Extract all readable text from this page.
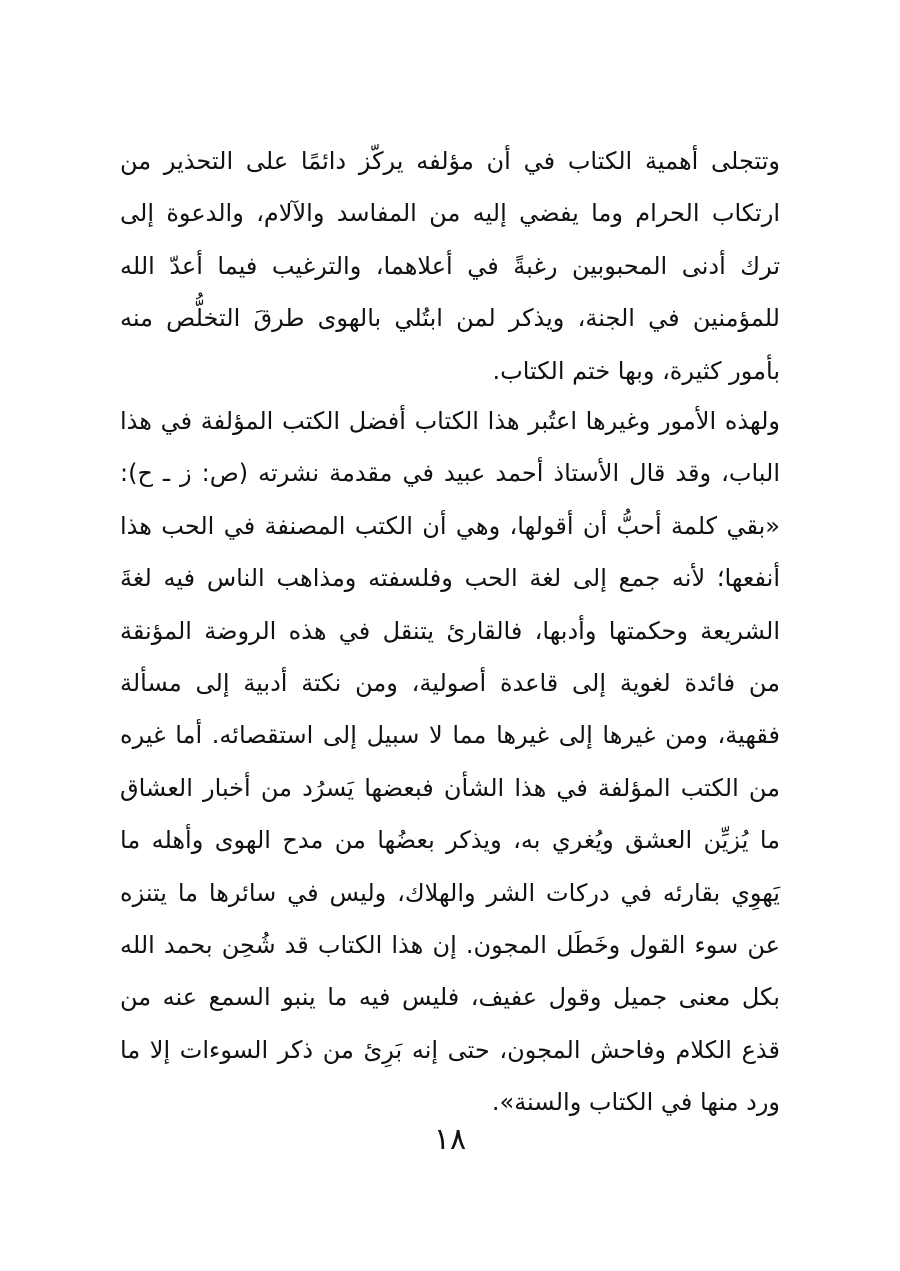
وتتجلى أهمية الكتاب في أن مؤلفه يركّز دائمًا على التحذير من ارتكاب الحرام وما يفضي إليه من المفاسد والآلام، والدعوة إلى ترك أدنى المحبوبين رغبةً في أعلاهما، والترغيب فيما أعدّ الله للمؤمنين في الجنة، ويذكر لمن ابتُلي بالهوى طرقَ التخلُّص منه بأمور كثيرة، وبها ختم الكتاب.

ولهذه الأمور وغيرها اعتُبر هذا الكتاب أفضل الكتب المؤلفة في هذا الباب، وقد قال الأستاذ أحمد عبيد في مقدمة نشرته (ص: ز ـ ح): «بقي كلمة أحبُّ أن أقولها، وهي أن الكتب المصنفة في الحب هذا أنفعها؛ لأنه جمع إلى لغة الحب وفلسفته ومذاهب الناس فيه لغةَ الشريعة وحكمتها وأدبها، فالقارئ يتنقل في هذه الروضة المؤنقة من فائدة لغوية إلى قاعدة أصولية، ومن نكتة أدبية إلى مسألة فقهية، ومن غيرها إلى غيرها مما لا سبيل إلى استقصائه. أما غيره من الكتب المؤلفة في هذا الشأن فبعضها يَسرُد من أخبار العشاق ما يُزيِّن العشق ويُغري به، ويذكر بعضُها من مدح الهوى وأهله ما يَهوِي بقارئه في دركات الشر والهلاك، وليس في سائرها ما يتنزه عن سوء القول وخَطَل المجون. إن هذا الكتاب قد شُحِن بحمد الله بكل معنى جميل وقول عفيف، فليس فيه ما ينبو السمع عنه من قذع الكلام وفاحش المجون، حتى إنه بَرِئ من ذكر السوءات إلا ما ورد منها في الكتاب والسنة».

١٨
